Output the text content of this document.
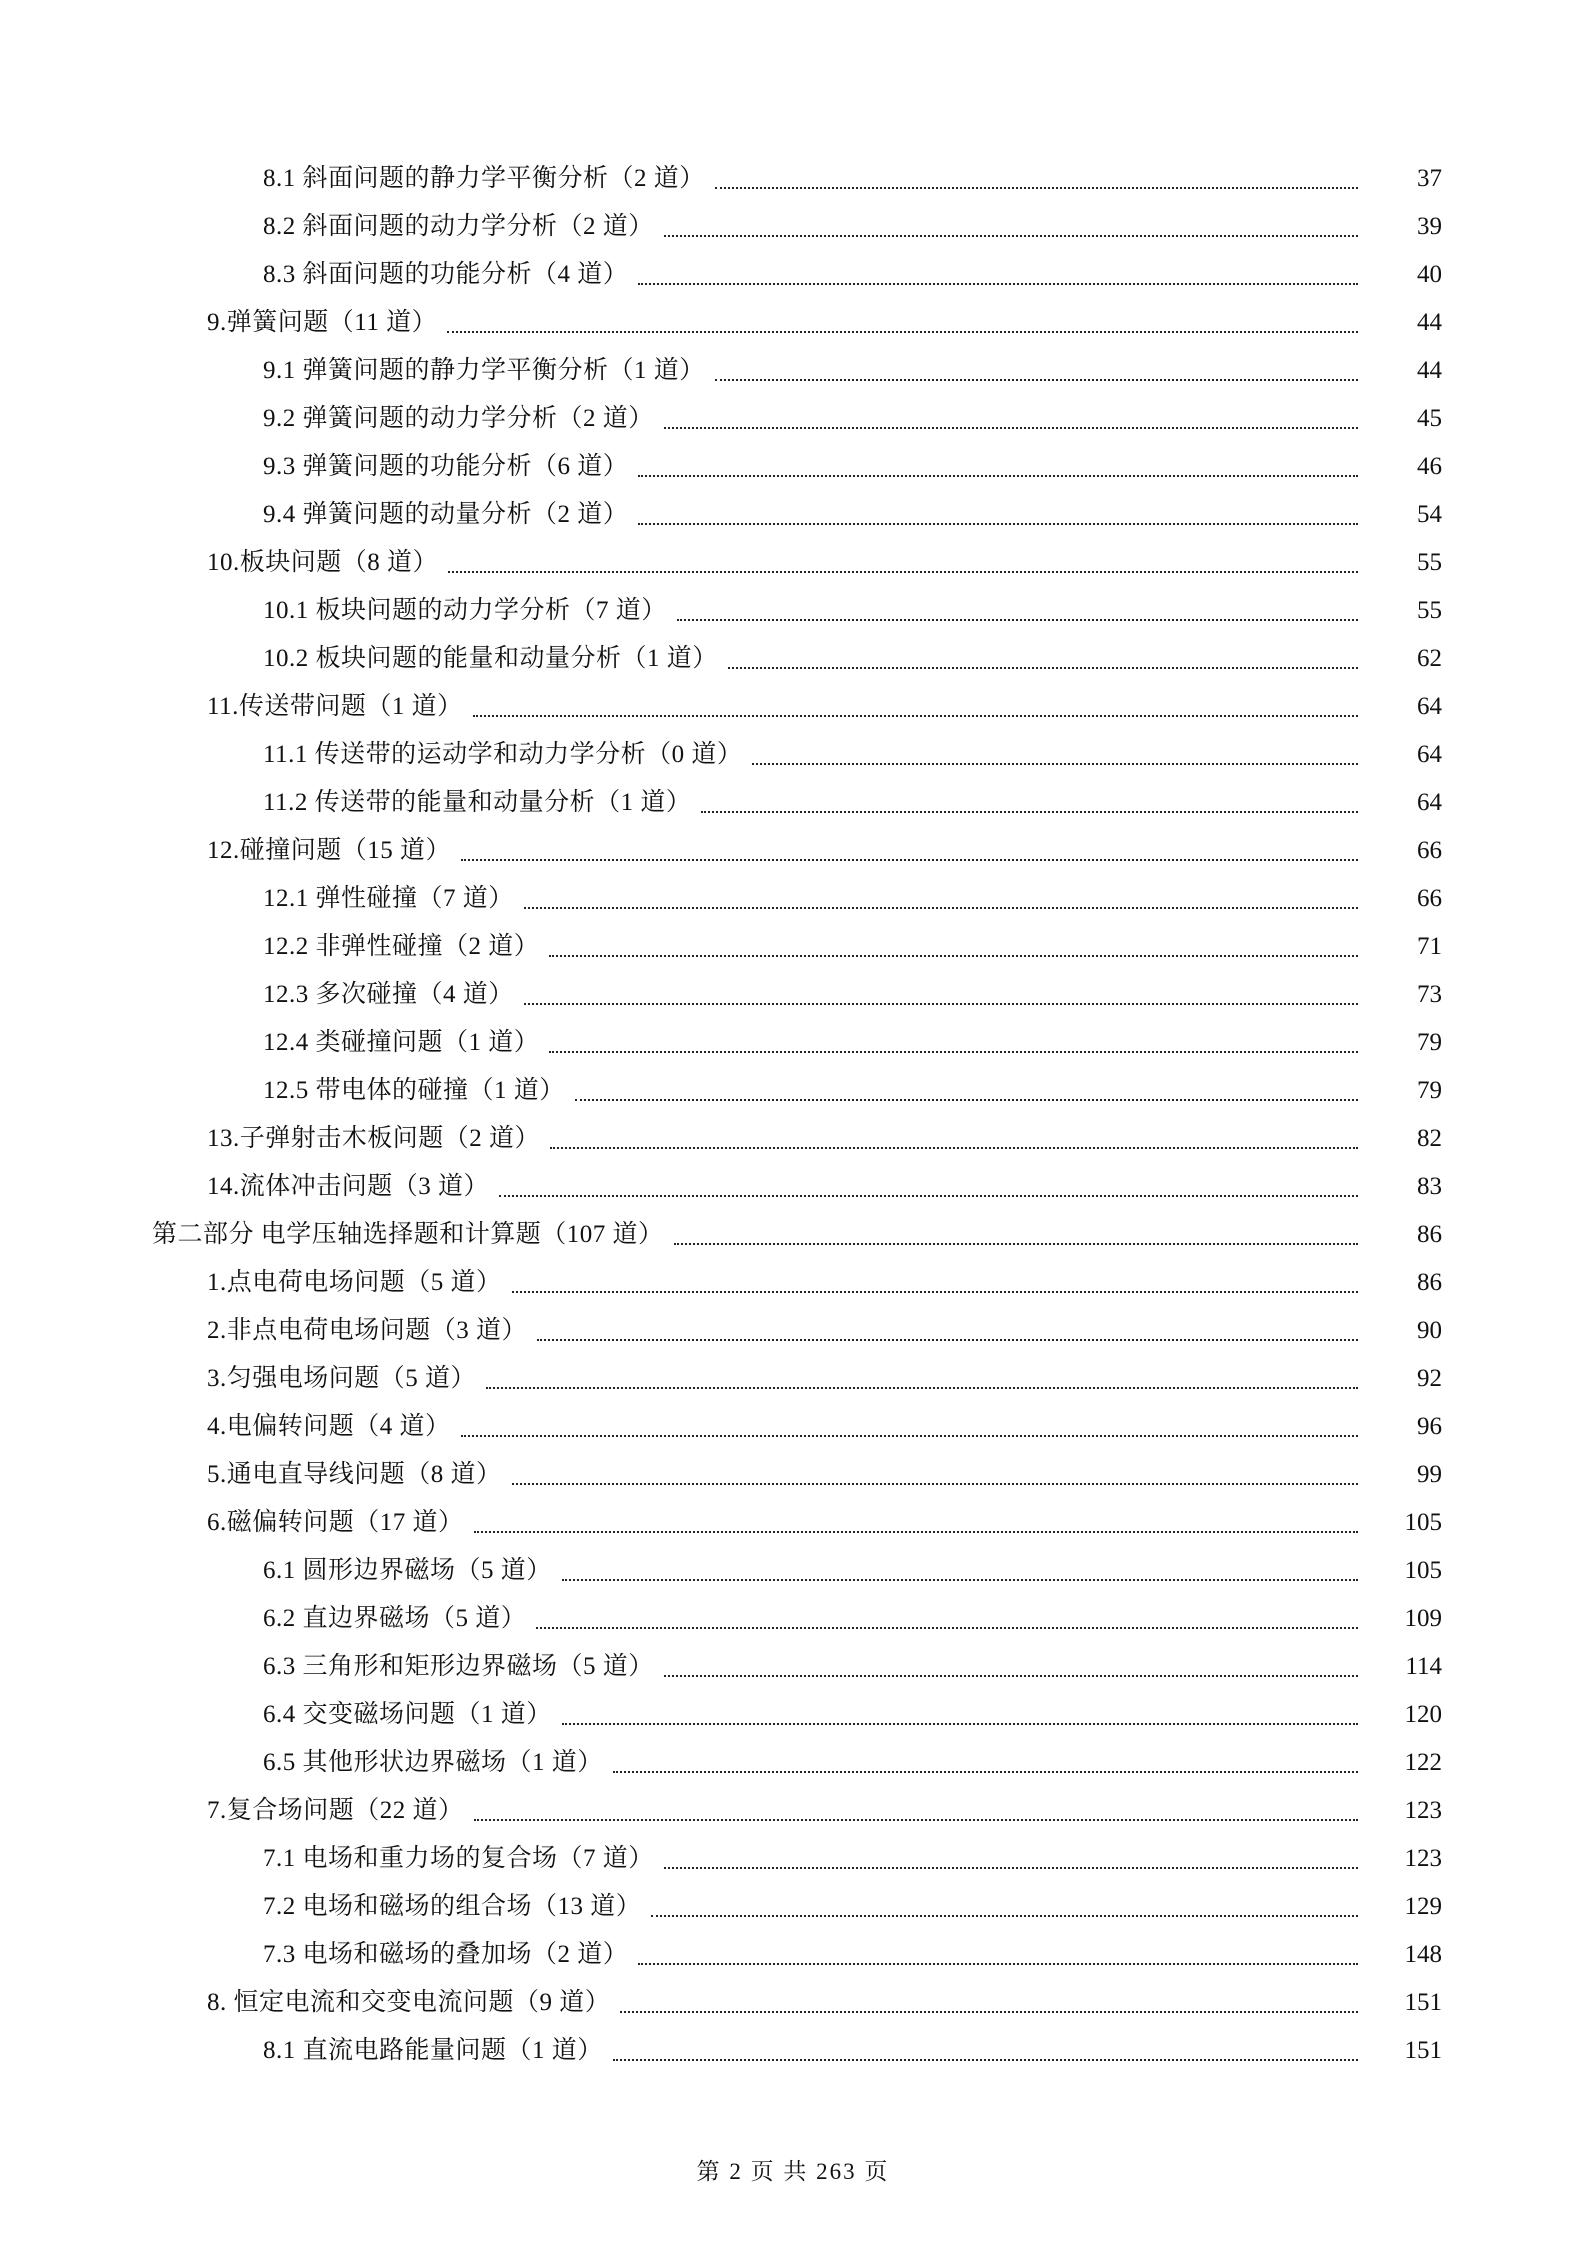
8.1 斜面问题的静力学平衡分析（2 道）	37
8.2 斜面问题的动力学分析（2 道）	39
8.3 斜面问题的功能分析（4 道）	40
9.弹簧问题（11 道）	44
9.1 弹簧问题的静力学平衡分析（1 道）	44
9.2 弹簧问题的动力学分析（2 道）	45
9.3 弹簧问题的功能分析（6 道）	46
9.4 弹簧问题的动量分析（2 道）	54
10.板块问题（8 道）	55
10.1 板块问题的动力学分析（7 道）	55
10.2 板块问题的能量和动量分析（1 道）	62
11.传送带问题（1 道）	64
11.1 传送带的运动学和动力学分析（0 道）	64
11.2 传送带的能量和动量分析（1 道）	64
12.碰撞问题（15 道）	66
12.1 弹性碰撞（7 道）	66
12.2 非弹性碰撞（2 道）	71
12.3 多次碰撞（4 道）	73
12.4 类碰撞问题（1 道）	79
12.5 带电体的碰撞（1 道）	79
13.子弹射击木板问题（2 道）	82
14.流体冲击问题（3 道）	83
第二部分 电学压轴选择题和计算题（107 道）	86
1.点电荷电场问题（5 道）	86
2.非点电荷电场问题（3 道）	90
3.匀强电场问题（5 道）	92
4.电偏转问题（4 道）	96
5.通电直导线问题（8 道）	99
6.磁偏转问题（17 道）	105
6.1 圆形边界磁场（5 道）	105
6.2 直边界磁场（5 道）	109
6.3 三角形和矩形边界磁场（5 道）	114
6.4 交变磁场问题（1 道）	120
6.5 其他形状边界磁场（1 道）	122
7.复合场问题（22 道）	123
7.1 电场和重力场的复合场（7 道）	123
7.2 电场和磁场的组合场（13 道）	129
7.3 电场和磁场的叠加场（2 道）	148
8. 恒定电流和交变电流问题（9 道）	151
8.1 直流电路能量问题（1 道）	151
第 2 页 共 263 页
